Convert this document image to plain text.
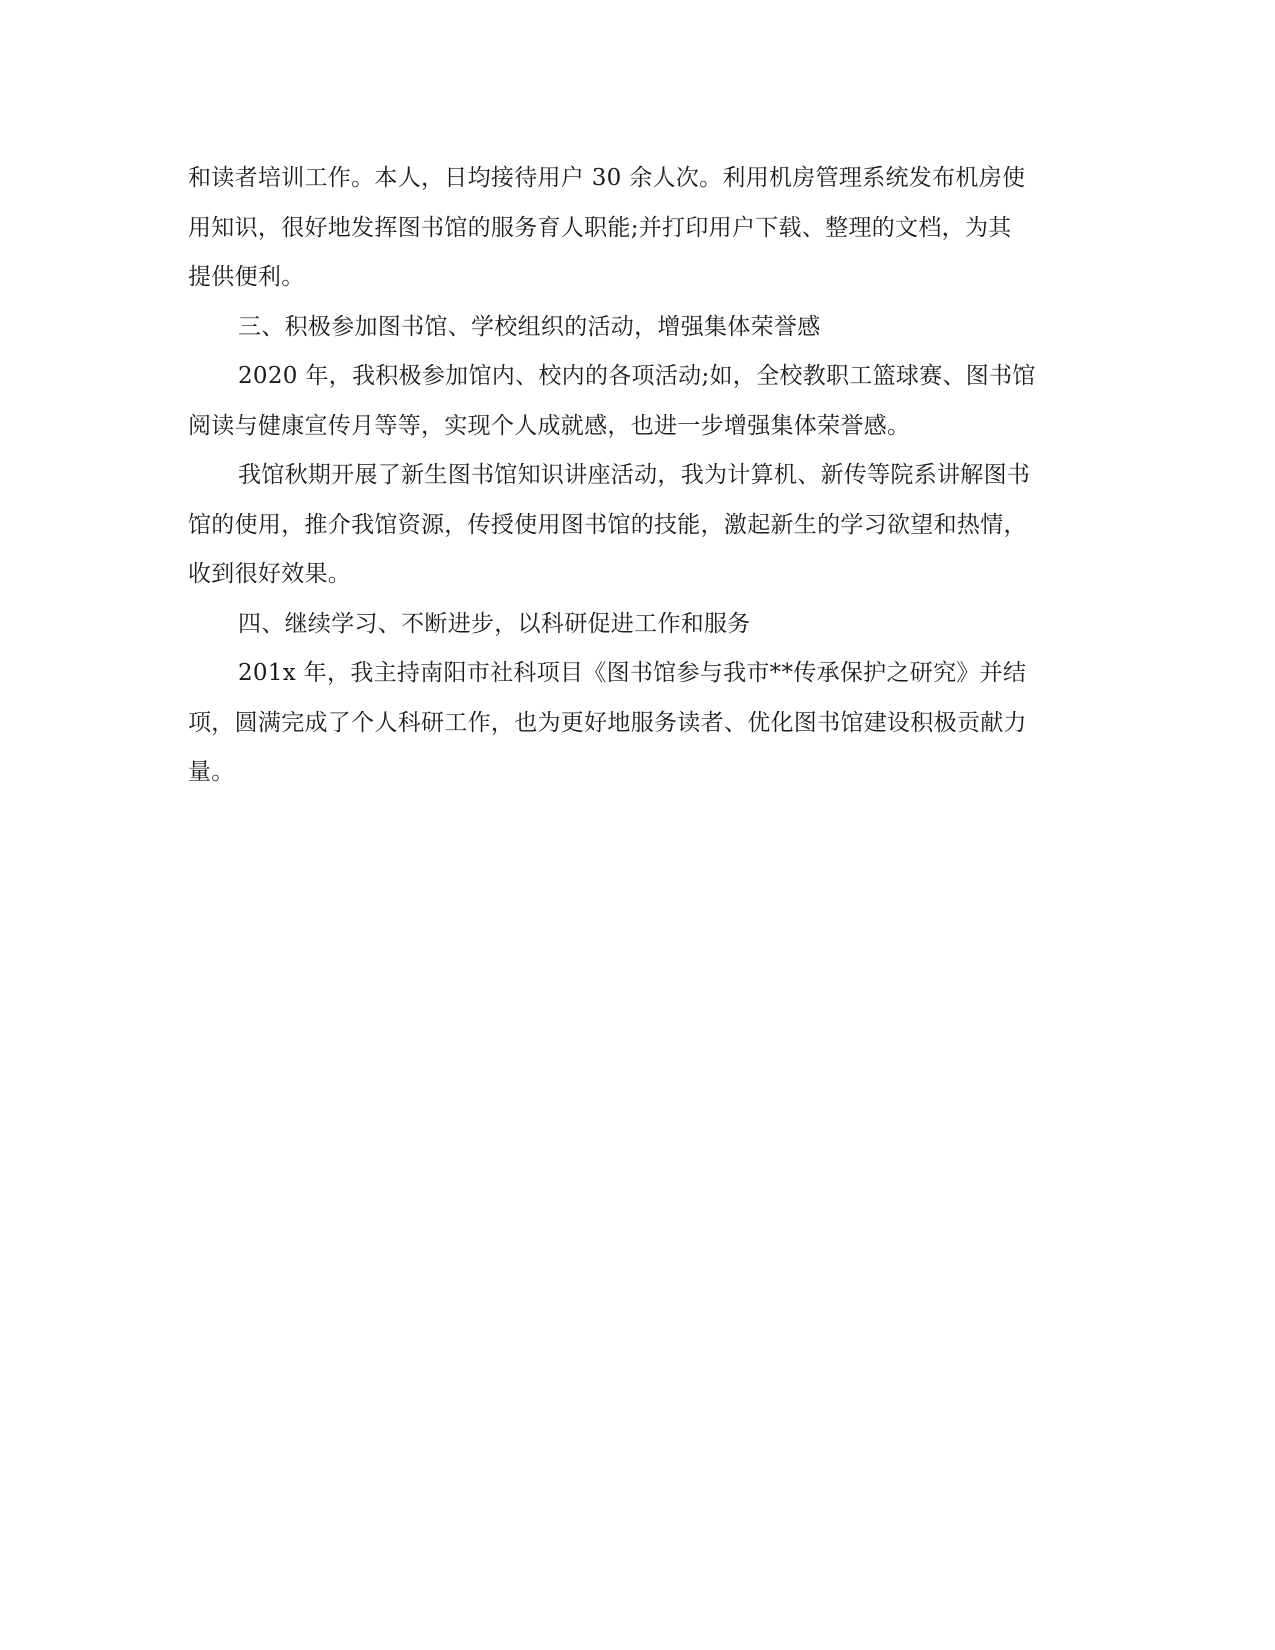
和读者培训工作。本人，日均接待用户 30 余人次。利用机房管理系统发布机房使
用知识，很好地发挥图书馆的服务育人职能;并打印用户下载、整理的文档，为其
提供便利。

三、积极参加图书馆、学校组织的活动，增强集体荣誉感

2020 年，我积极参加馆内、校内的各项活动;如，全校教职工篮球赛、图书馆
阅读与健康宣传月等等，实现个人成就感，也进一步增强集体荣誉感。

我馆秋期开展了新生图书馆知识讲座活动，我为计算机、新传等院系讲解图书
馆的使用，推介我馆资源，传授使用图书馆的技能，激起新生的学习欲望和热情，
收到很好效果。

四、继续学习、不断进步，以科研促进工作和服务

201x 年，我主持南阳市社科项目《图书馆参与我市**传承保护之研究》并结
项，圆满完成了个人科研工作，也为更好地服务读者、优化图书馆建设积极贡献力
量。
